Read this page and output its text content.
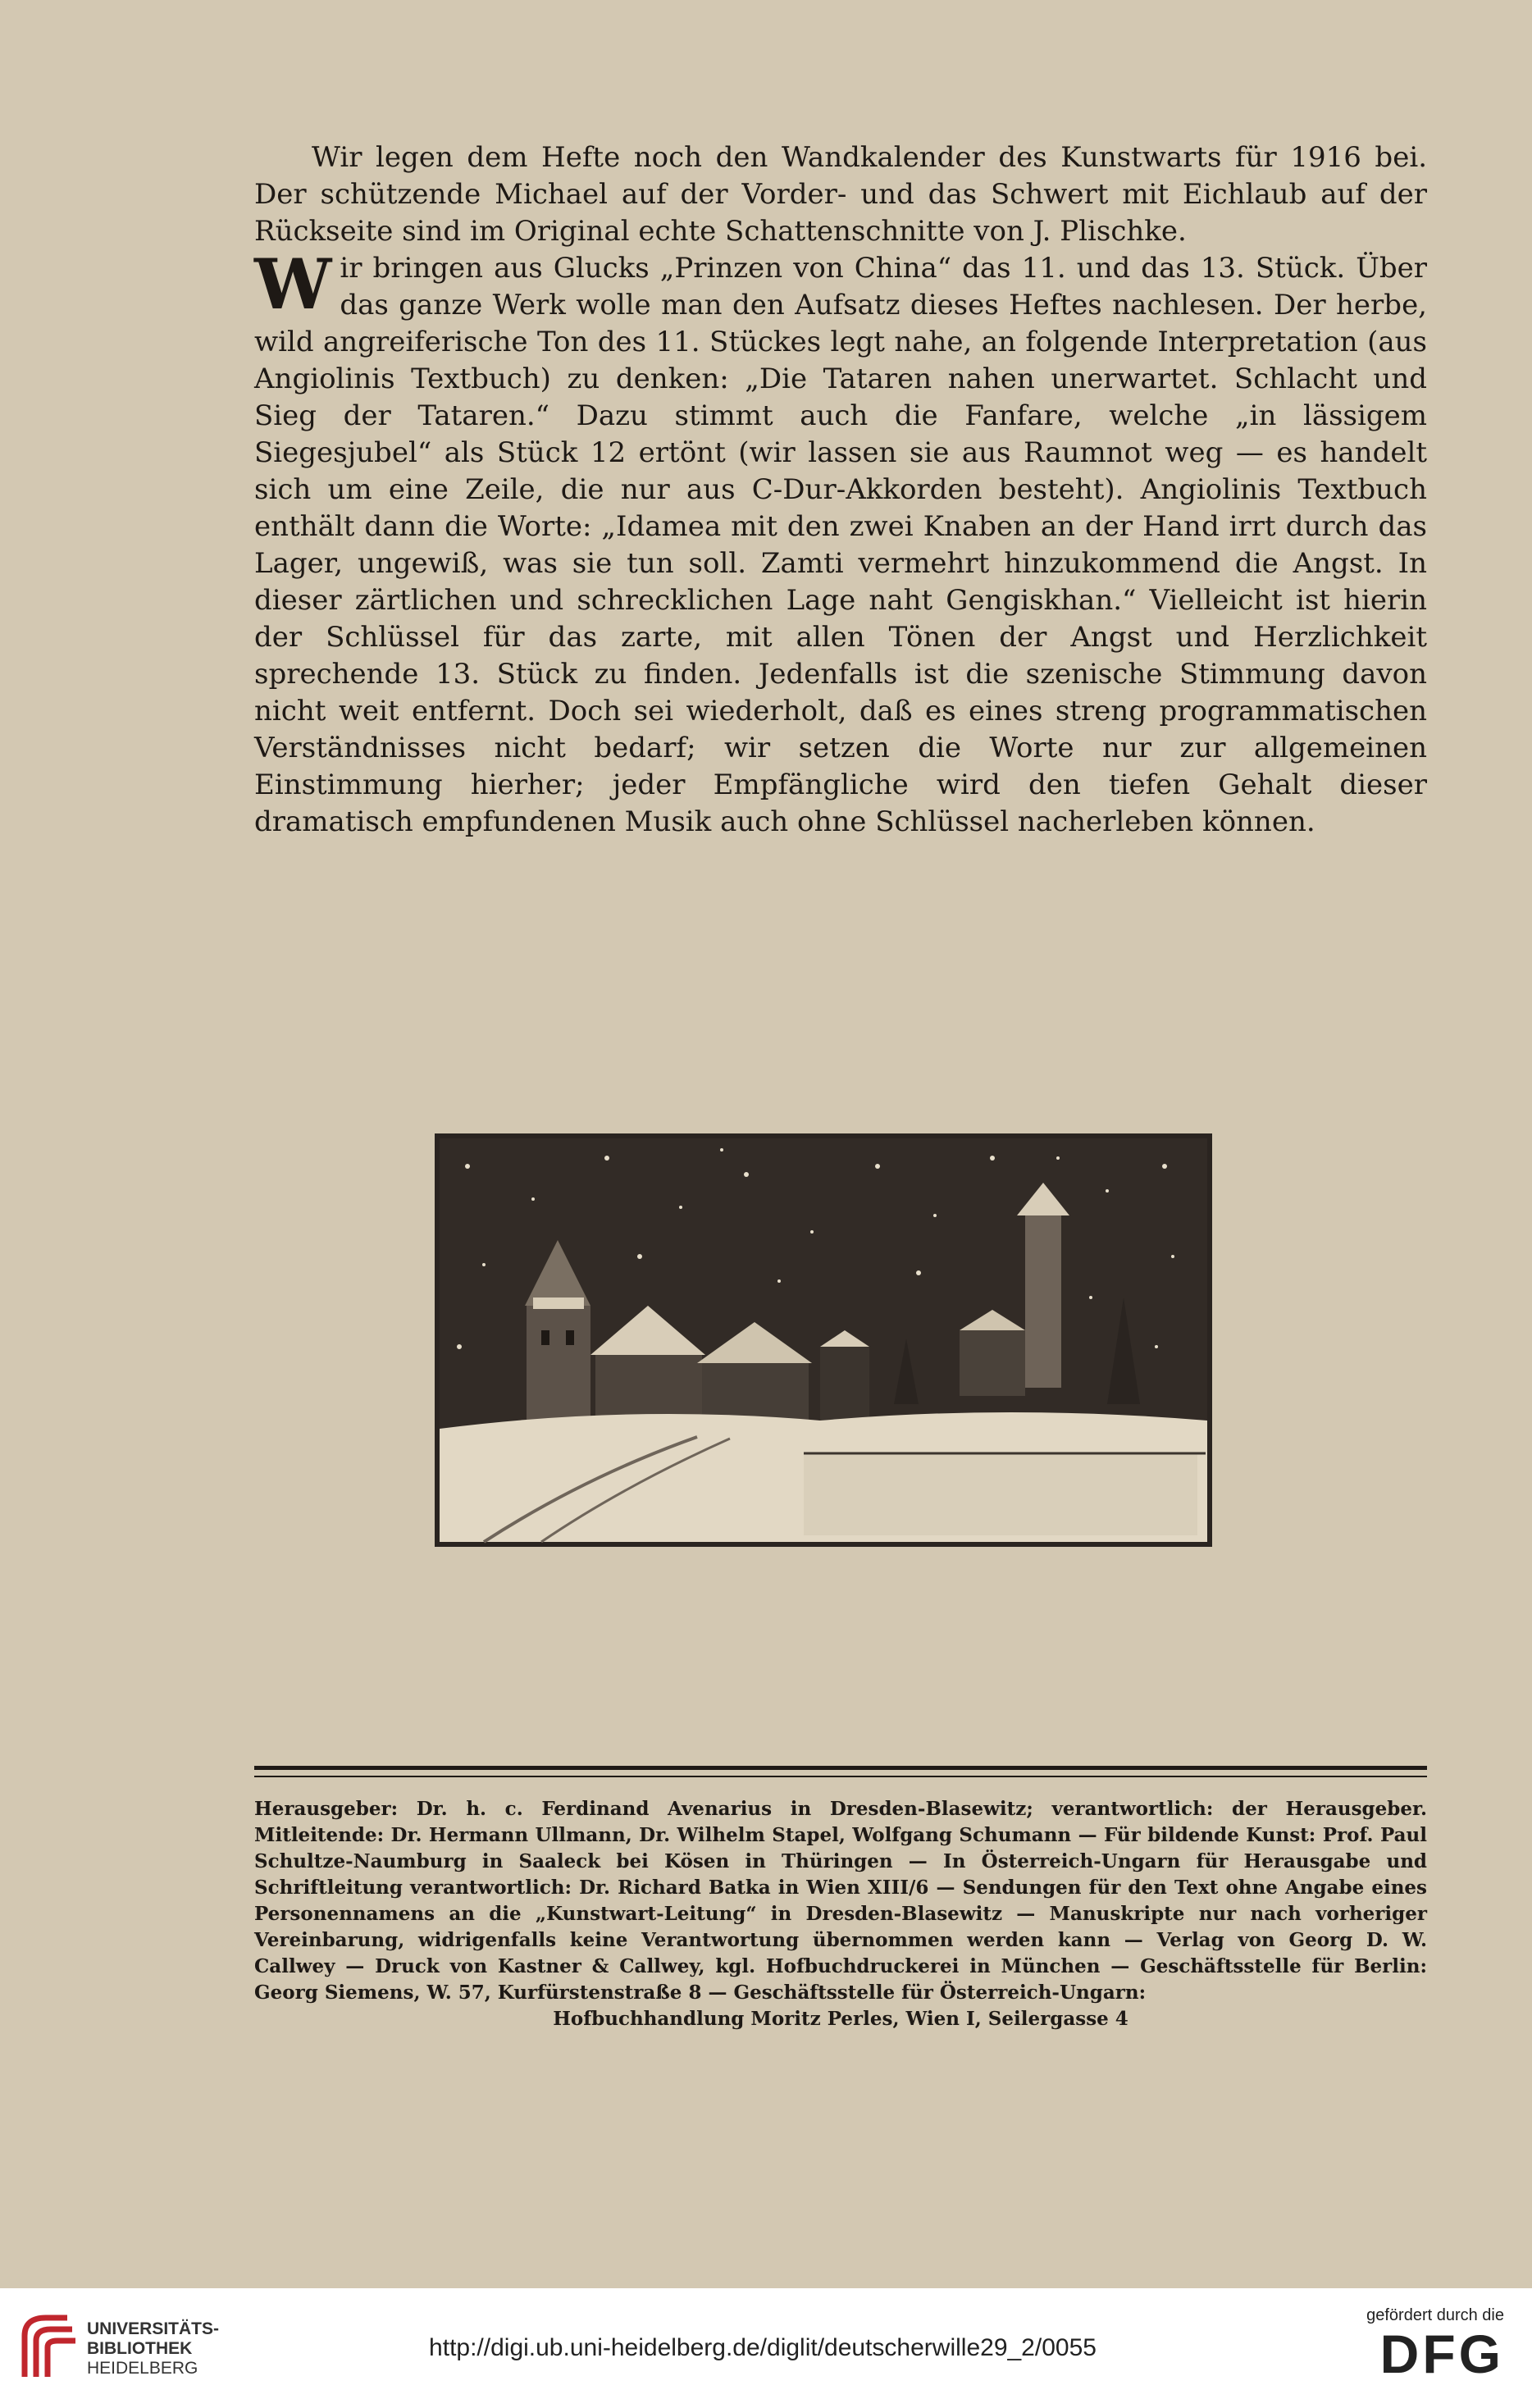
Wir legen dem Hefte noch den Wandkalender des Kunstwarts für 1916 bei. Der schützende Michael auf der Vorder- und das Schwert mit Eichlaub auf der Rückseite sind im Original echte Schattenschnitte von J. Plischke.

Wir bringen aus Glucks „Prinzen von China“ das 11. und das 13. Stück. Über das ganze Werk wolle man den Aufsatz dieses Heftes nachlesen. Der herbe, wild angreiferische Ton des 11. Stückes legt nahe, an folgende Interpretation (aus Angiolinis Textbuch) zu denken: „Die Tataren nahen unerwartet. Schlacht und Sieg der Tataren.“ Dazu stimmt auch die Fanfare, welche „in lässigem Siegesjubel“ als Stück 12 ertönt (wir lassen sie aus Raumnot weg — es handelt sich um eine Zeile, die nur aus C-Dur-Akkorden besteht). Angiolinis Textbuch enthält dann die Worte: „Idamea mit den zwei Knaben an der Hand irrt durch das Lager, ungewiß, was sie tun soll. Zamti vermehrt hinzukommend die Angst. In dieser zärtlichen und schrecklichen Lage naht Gengiskhan.“ Vielleicht ist hierin der Schlüssel für das zarte, mit allen Tönen der Angst und Herzlichkeit sprechende 13. Stück zu finden. Jedenfalls ist die szenische Stimmung davon nicht weit entfernt. Doch sei wiederholt, daß es eines streng programmatischen Verständnisses nicht bedarf; wir setzen die Worte nur zur allgemeinen Einstimmung hierher; jeder Empfängliche wird den tiefen Gehalt dieser dramatisch empfundenen Musik auch ohne Schlüssel nacherleben können.

Herausgeber: Dr. h. c. Ferdinand Avenarius in Dresden-Blasewitz; verantwortlich: der Herausgeber. Mitleitende: Dr. Hermann Ullmann, Dr. Wilhelm Stapel, Wolfgang Schumann — Für bildende Kunst: Prof. Paul Schultze-Naumburg in Saaleck bei Kösen in Thüringen — In Österreich-Ungarn für Herausgabe und Schriftleitung verantwortlich: Dr. Richard Batka in Wien XIII/6 — Sendungen für den Text ohne Angabe eines Personennamens an die „Kunstwart-Leitung“ in Dresden-Blasewitz — Manuskripte nur nach vorheriger Vereinbarung, widrigenfalls keine Verantwortung übernommen werden kann — Verlag von Georg D. W. Callwey — Druck von Kastner & Callwey, kgl. Hofbuchdruckerei in München — Geschäftsstelle für Berlin: Georg Siemens, W. 57, Kurfürstenstraße 8 — Geschäftsstelle für Österreich-Ungarn:

Hofbuchhandlung Moritz Perles, Wien I, Seilergasse 4

UNIVERSITÄTS-
BIBLIOTHEK
HEIDELBERG
http://digi.ub.uni-heidelberg.de/diglit/deutscherwille29_2/0055
gefördert durch die
DFG
